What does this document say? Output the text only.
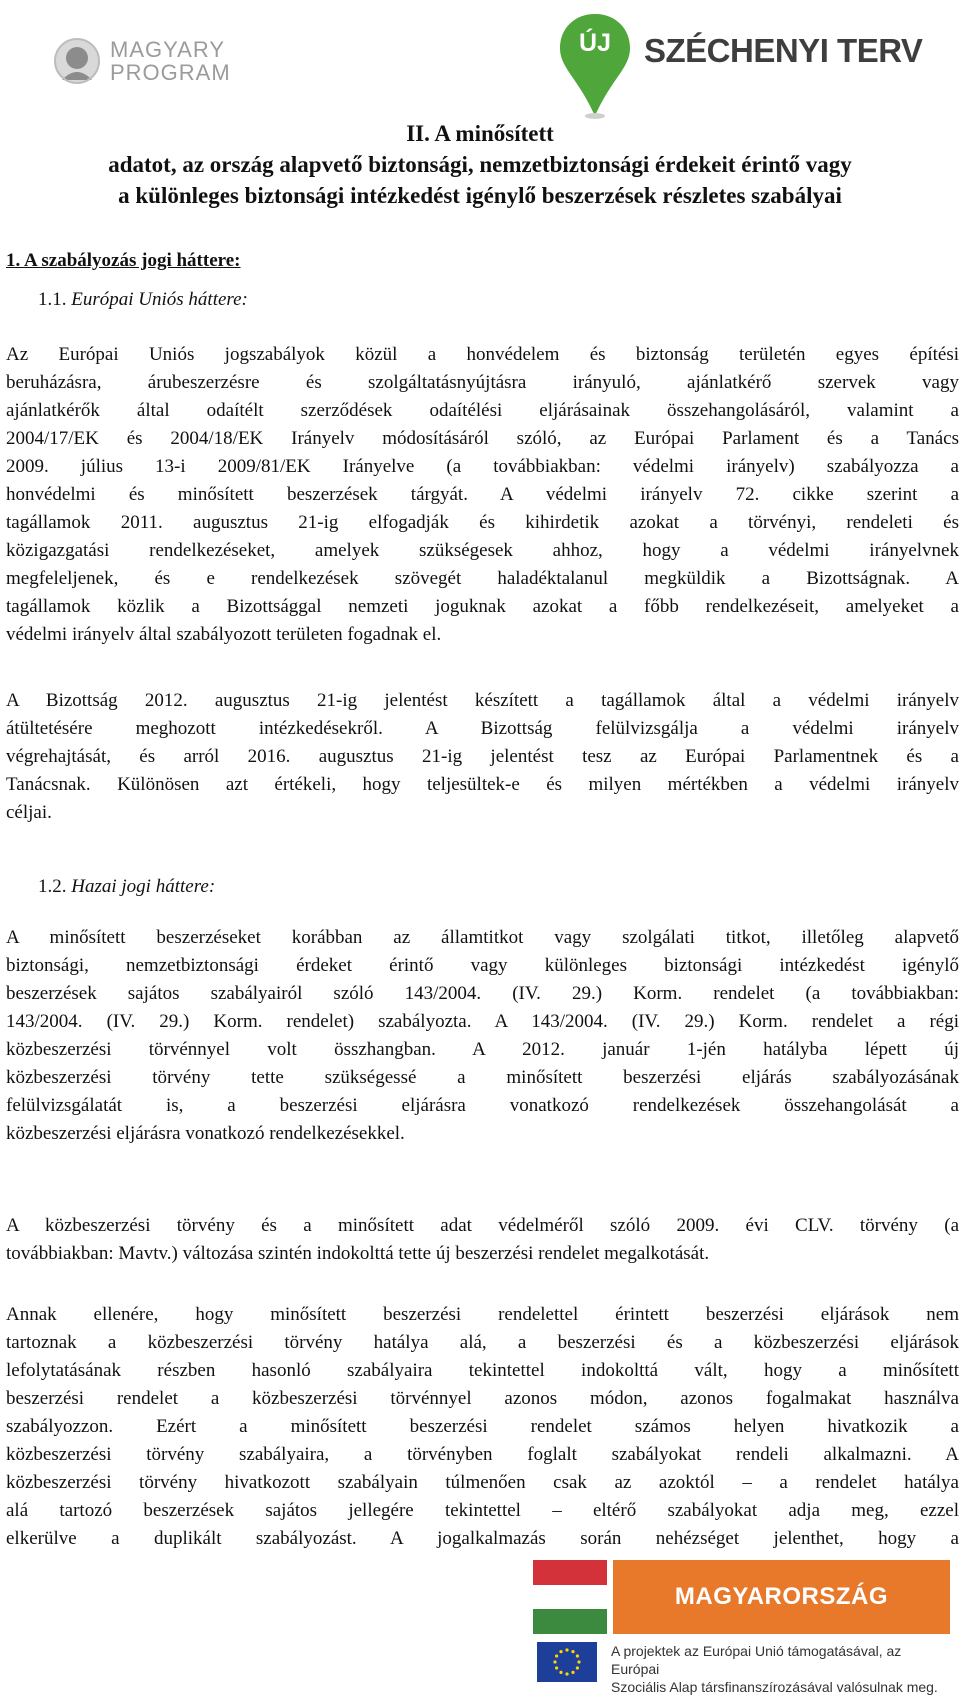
MAGYARY
PROGRAM
ÚJ	SZÉCHENYI TERV
II. A minősített
adatot, az ország alapvető biztonsági, nemzetbiztonsági érdekeit érintő vagy
a különleges biztonsági intézkedést igénylő beszerzések részletes szabályai
1. A szabályozás jogi háttere:
1.1. Európai Uniós háttere:
Az Európai Uniós jogszabályok közül a honvédelem és biztonság területén egyes építési
beruházásra, árubeszerzésre és szolgáltatásnyújtásra irányuló, ajánlatkérő szervek vagy
ajánlatkérők által odaítélt szerződések odaítélési eljárásainak összehangolásáról, valamint a
2004/17/EK és 2004/18/EK Irányelv módosításáról szóló, az Európai Parlament és a Tanács
2009. július 13-i 2009/81/EK Irányelve (a továbbiakban: védelmi irányelv) szabályozza a
honvédelmi és minősített beszerzések tárgyát. A védelmi irányelv 72. cikke szerint a
tagállamok 2011. augusztus 21-ig elfogadják és kihirdetik azokat a törvényi, rendeleti és
közigazgatási rendelkezéseket, amelyek szükségesek ahhoz, hogy a védelmi irányelvnek
megfeleljenek, és e rendelkezések szövegét haladéktalanul megküldik a Bizottságnak. A
tagállamok közlik a Bizottsággal nemzeti joguknak azokat a főbb rendelkezéseit, amelyeket a
védelmi irányelv által szabályozott területen fogadnak el.
A Bizottság 2012. augusztus 21-ig jelentést készített a tagállamok által a védelmi irányelv
átültetésére meghozott intézkedésekről. A Bizottság felülvizsgálja a védelmi irányelv
végrehajtását, és arról 2016. augusztus 21-ig jelentést tesz az Európai Parlamentnek és a
Tanácsnak. Különösen azt értékeli, hogy teljesültek-e és milyen mértékben a védelmi irányelv
céljai.
1.2. Hazai jogi háttere:
A minősített beszerzéseket korábban az államtitkot vagy szolgálati titkot, illetőleg alapvető
biztonsági, nemzetbiztonsági érdeket érintő vagy különleges biztonsági intézkedést igénylő
beszerzések sajátos szabályairól szóló 143/2004. (IV. 29.) Korm. rendelet (a továbbiakban:
143/2004. (IV. 29.) Korm. rendelet) szabályozta. A 143/2004. (IV. 29.) Korm. rendelet a régi
közbeszerzési törvénnyel volt összhangban. A 2012. január 1-jén hatályba lépett új
közbeszerzési törvény tette szükségessé a minősített beszerzési eljárás szabályozásának
felülvizsgálatát is, a beszerzési eljárásra vonatkozó rendelkezések összehangolását a
közbeszerzési eljárásra vonatkozó rendelkezésekkel.
A közbeszerzési törvény és a minősített adat védelméről szóló 2009. évi CLV. törvény (a
továbbiakban: Mavtv.) változása szintén indokolttá tette új beszerzési rendelet megalkotását.
Annak ellenére, hogy minősített beszerzési rendelettel érintett beszerzési eljárások nem
tartoznak a közbeszerzési törvény hatálya alá, a beszerzési és a közbeszerzési eljárások
lefolytatásának részben hasonló szabályaira tekintettel indokolttá vált, hogy a minősített
beszerzési rendelet a közbeszerzési törvénnyel azonos módon, azonos fogalmakat használva
szabályozzon. Ezért a minősített beszerzési rendelet számos helyen hivatkozik a
közbeszerzési törvény szabályaira, a törvényben foglalt szabályokat rendeli alkalmazni. A
közbeszerzési törvény hivatkozott szabályain túlmenően csak az azoktól – a rendelet hatálya
alá tartozó beszerzések sajátos jellegére tekintettel – eltérő szabályokat adja meg, ezzel
elkerülve a duplikált szabályozást. A jogalkalmazás során nehézséget jelenthet, hogy a
MAGYARORSZÁG MEGÚJUL
A projektek az Európai Unió támogatásával, az Európai
Szociális Alap társfinanszírozásával valósulnak meg.
